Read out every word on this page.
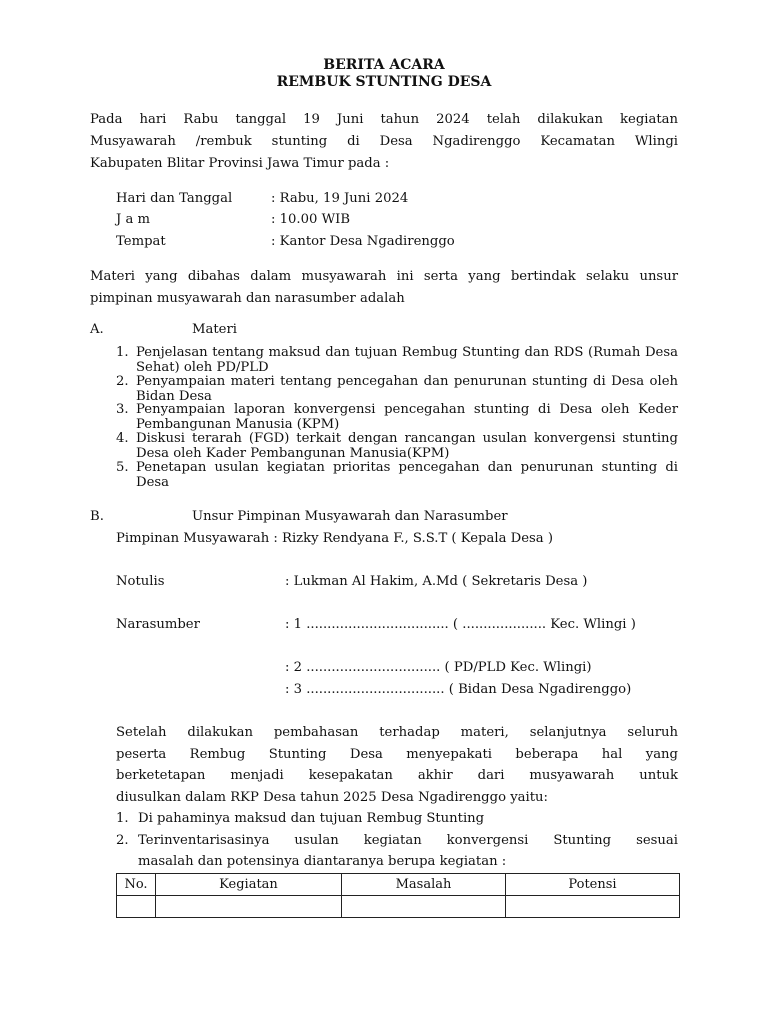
BERITA ACARA
REMBUK STUNTING DESA
Pada hari Rabu tanggal 19 Juni tahun 2024 telah dilakukan kegiatan
Musyawarah /rembuk stunting di Desa Ngadirenggo Kecamatan Wlingi
Kabupaten Blitar Provinsi Jawa Timur pada :
Hari dan Tanggal	: Rabu, 19 Juni 2024
J a m	: 10.00 WIB
Tempat	: Kantor Desa Ngadirenggo
Materi yang dibahas dalam musyawarah ini serta yang bertindak selaku unsur
pimpinan musyawarah dan narasumber adalah
A.	Materi
1. Penjelasan tentang maksud dan tujuan Rembug Stunting dan RDS (Rumah Desa Sehat) oleh PD/PLD
2. Penyampaian materi tentang pencegahan dan penurunan stunting di Desa oleh Bidan Desa
3. Penyampaian laporan konvergensi pencegahan stunting di Desa oleh Keder Pembangunan Manusia (KPM)
4. Diskusi terarah (FGD) terkait dengan rancangan usulan konvergensi stunting Desa oleh Kader Pembangunan Manusia(KPM)
5. Penetapan usulan kegiatan prioritas pencegahan dan penurunan stunting di Desa
B.	Unsur Pimpinan Musyawarah dan Narasumber
Pimpinan Musyawarah : Rizky Rendyana F., S.S.T ( Kepala Desa )
Notulis	: Lukman Al Hakim, A.Md ( Sekretaris Desa )
Narasumber	: 1 .................................. ( .................... Kec. Wlingi )
: 2 ................................ ( PD/PLD Kec. Wlingi)
: 3 ................................. ( Bidan Desa Ngadirenggo)
Setelah dilakukan pembahasan terhadap materi, selanjutnya seluruh
peserta Rembug Stunting Desa menyepakati beberapa hal yang
berketetapan menjadi kesepakatan akhir dari musyawarah untuk
diusulkan dalam RKP Desa tahun 2025 Desa Ngadirenggo yaitu:
1. Di pahaminya maksud dan tujuan Rembug Stunting
2. Terinventarisasinya usulan kegiatan konvergensi Stunting sesuai
masalah dan potensinya diantaranya berupa kegiatan :
No.	Kegiatan	Masalah	Potensi
